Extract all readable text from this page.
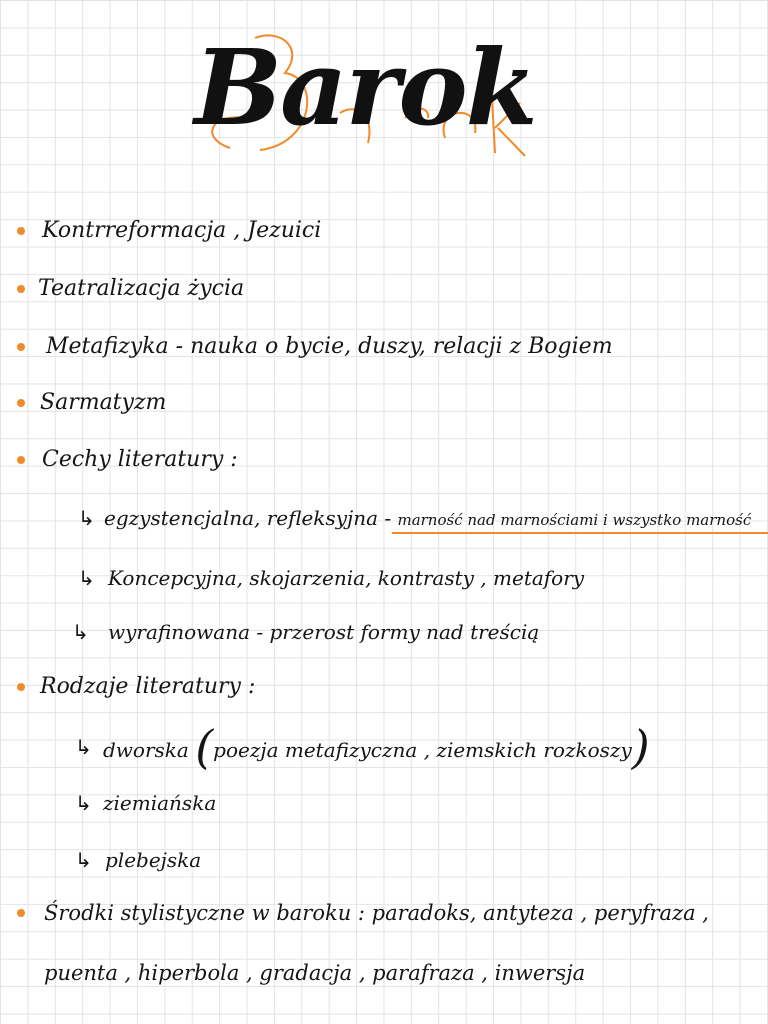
Barok
Kontrreformacja , Jezuici
Teatralizacja życia
Metafizyka - nauka o bycie, duszy, relacji z Bogiem
Sarmatyzm
Cechy literatury :
↳ egzystencjalna, refleksyjna - marność nad marnościami i wszystko marność
↳ Koncepcyjna, skojarzenia, kontrasty , metafory
↳ wyrafinowana - przerost formy nad treścią
Rodzaje literatury :
↳ dworska (poezja metafizyczna , ziemskich rozkoszy)
↳ ziemiańska
↳ plebejska
Środki stylistyczne w baroku : paradoks, antyteza , peryfraza ,
puenta , hiperbola , gradacja , parafraza , inwersja
